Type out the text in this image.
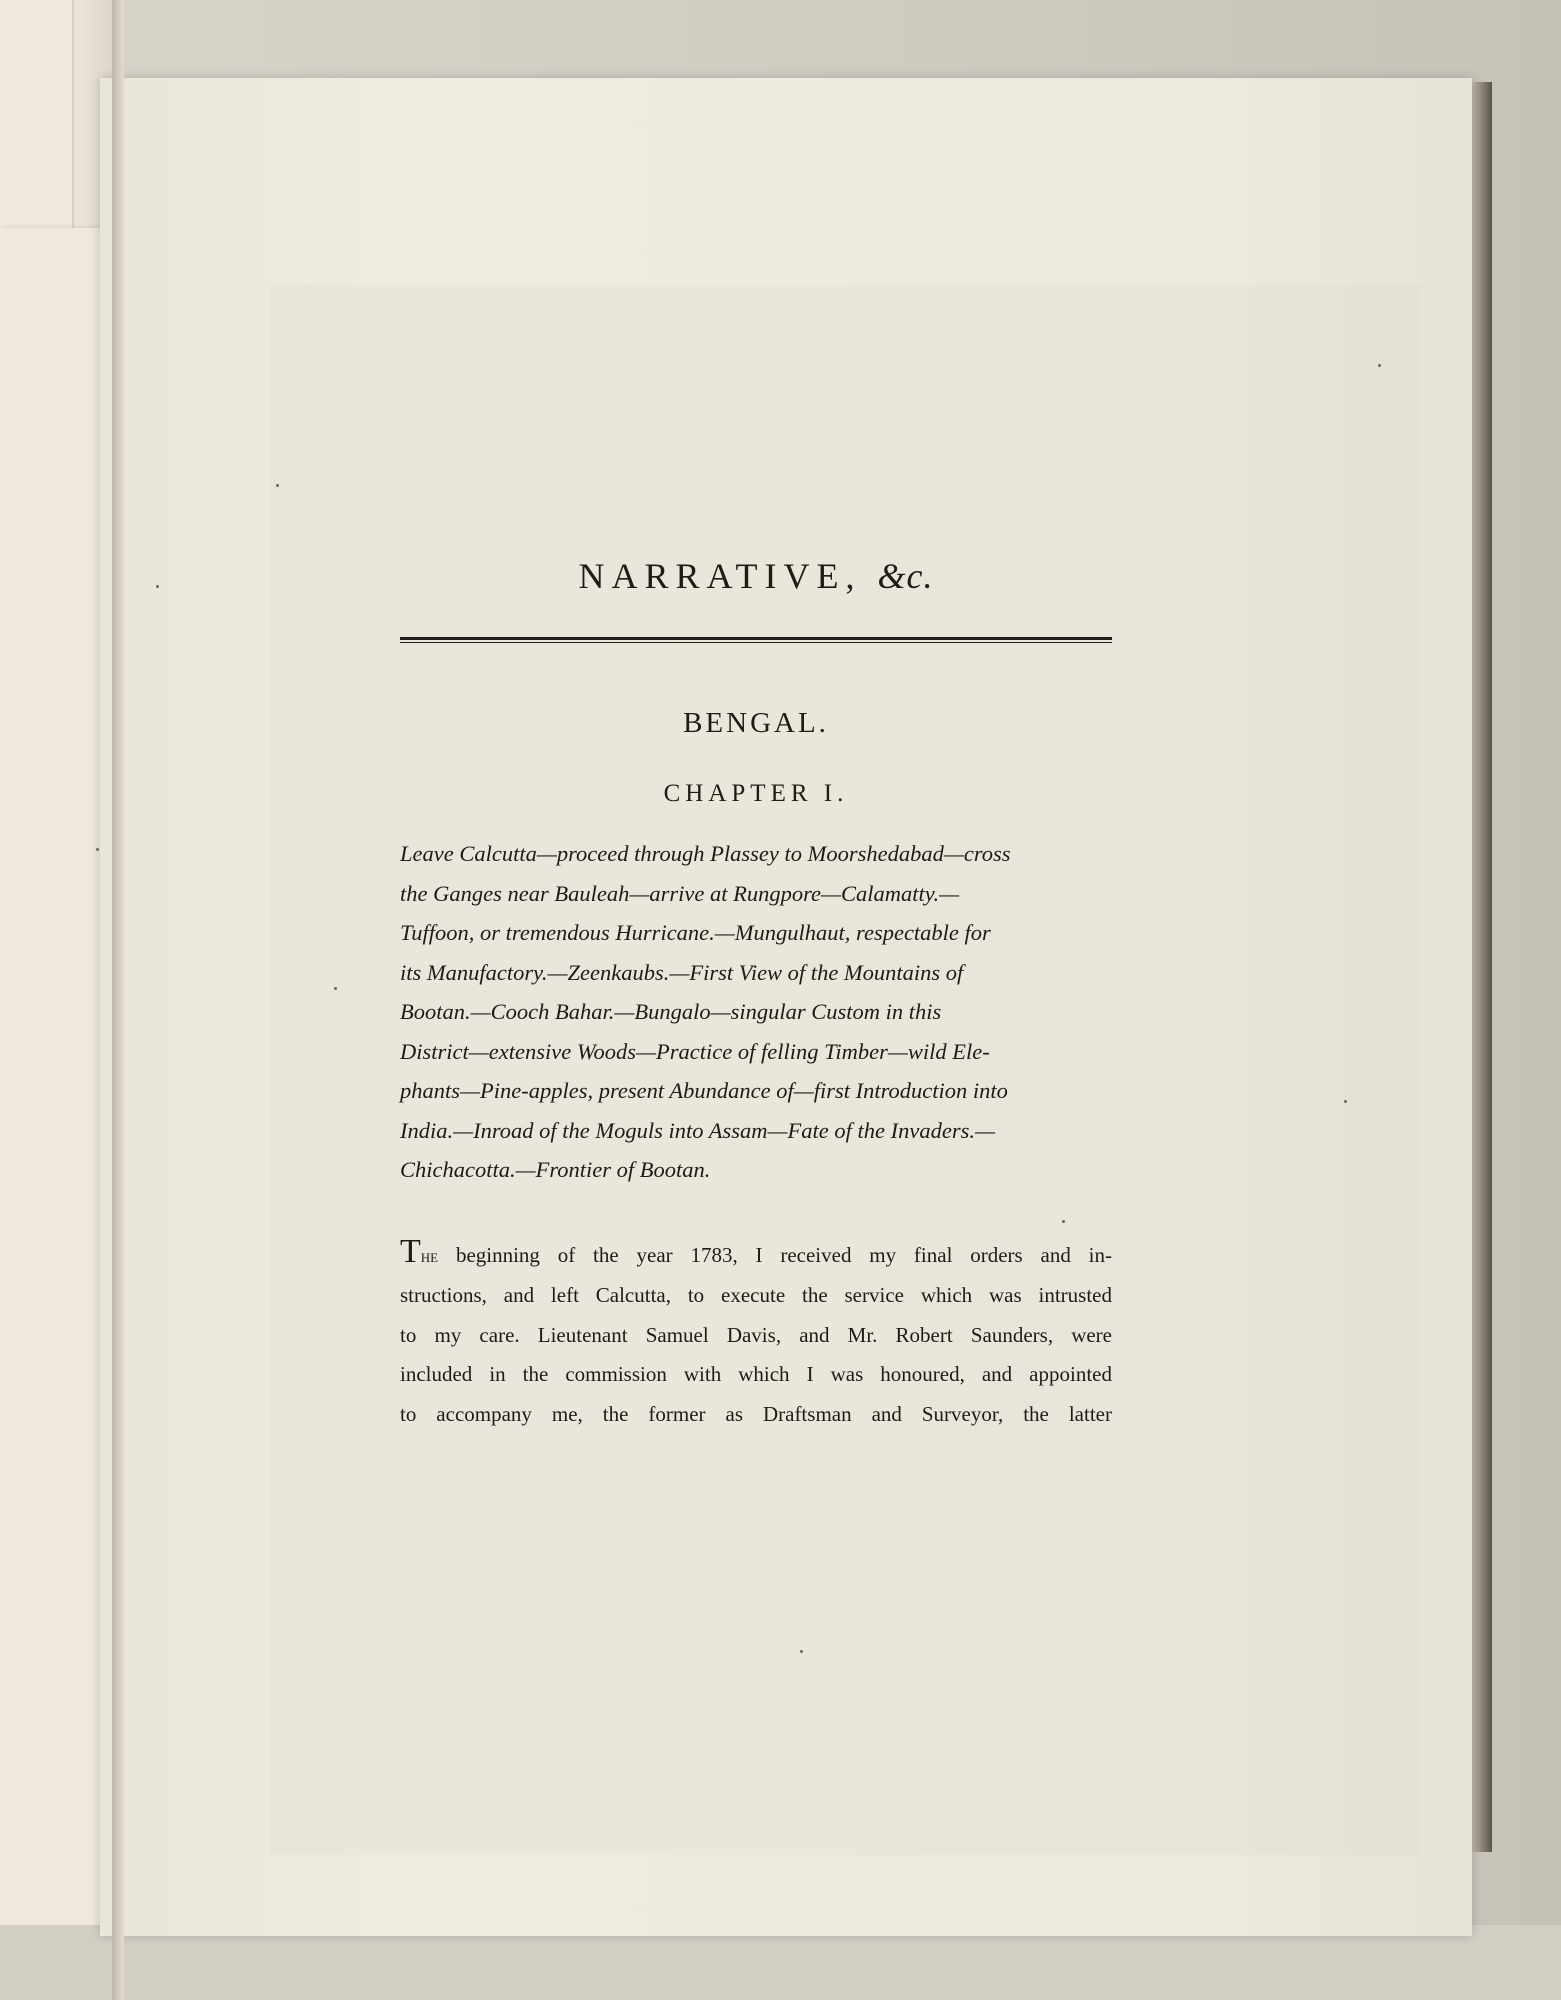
NARRATIVE, &c.
BENGAL.
CHAPTER I.

Leave Calcutta—proceed through Plassey to Moorshedabad—cross
the Ganges near Bauleah—arrive at Rungpore—Calamatty.—
Tuffoon, or tremendous Hurricane.—Mungulhaut, respectable for
its Manufactory.—Zeenkaubs.—First View of the Mountains of
Bootan.—Cooch Bahar.—Bungalo—singular Custom in this
District—extensive Woods—Practice of felling Timber—wild Ele-
phants—Pine-apples, present Abundance of—first Introduction into
India.—Inroad of the Moguls into Assam—Fate of the Invaders.—
Chichacotta.—Frontier of Bootan.

The beginning of the year 1783, I received my final orders and in-
structions, and left Calcutta, to execute the service which was intrusted
to my care. Lieutenant Samuel Davis, and Mr. Robert Saunders, were
included in the commission with which I was honoured, and appointed
to accompany me, the former as Draftsman and Surveyor, the latter
